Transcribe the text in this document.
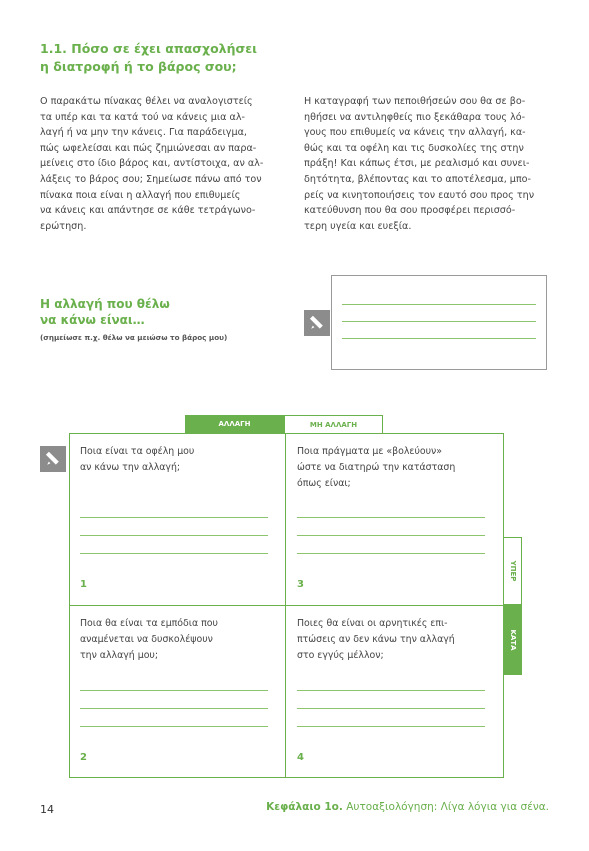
1.1. Πόσο σε έχει απασχολήσει
η διατροφή ή το βάρος σου;
Ο παρακάτω πίνακας θέλει να αναλογιστείς
τα υπέρ και τα κατά τού να κάνεις μια αλ-
λαγή ή να μην την κάνεις. Για παράδειγμα,
πώς ωφελείσαι και πώς ζημιώνεσαι αν παρα-
μείνεις στο ίδιο βάρος και, αντίστοιχα, αν αλ-
λάξεις το βάρος σου; Σημείωσε πάνω από τον
πίνακα ποια είναι η αλλαγή που επιθυμείς
να κάνεις και απάντησε σε κάθε τετράγωνο-
ερώτηση.
Η καταγραφή των πεποιθήσεών σου θα σε βο-
ηθήσει να αντιληφθείς πιο ξεκάθαρα τους λό-
γους που επιθυμείς να κάνεις την αλλαγή, κα-
θώς και τα οφέλη και τις δυσκολίες της στην
πράξη! Και κάπως έτσι, με ρεαλισμό και συνει-
δητότητα, βλέποντας και το αποτέλεσμα, μπο-
ρείς να κινητοποιήσεις τον εαυτό σου προς την
κατεύθυνση που θα σου προσφέρει περισσό-
τερη υγεία και ευεξία.
Η αλλαγή που θέλω
να κάνω είναι…
(σημείωσε π.χ. θέλω να μειώσω το βάρος μου)
ΑΛΛΑΓΗ	ΜΗ ΑΛΛΑΓΗ
Ποια είναι τα οφέλη μου
αν κάνω την αλλαγή;
1
Ποια πράγματα με «βολεύουν»
ώστε να διατηρώ την κατάσταση
όπως είναι;
3
Ποια θα είναι τα εμπόδια που
αναμένεται να δυσκολέψουν
την αλλαγή μου;
2
Ποιες θα είναι οι αρνητικές επι-
πτώσεις αν δεν κάνω την αλλαγή
στο εγγύς μέλλον;
4
ΥΠΕΡ
ΚΑΤΑ
14	Κεφάλαιο 1ο. Αυτοαξιολόγηση: Λίγα λόγια για σένα.
